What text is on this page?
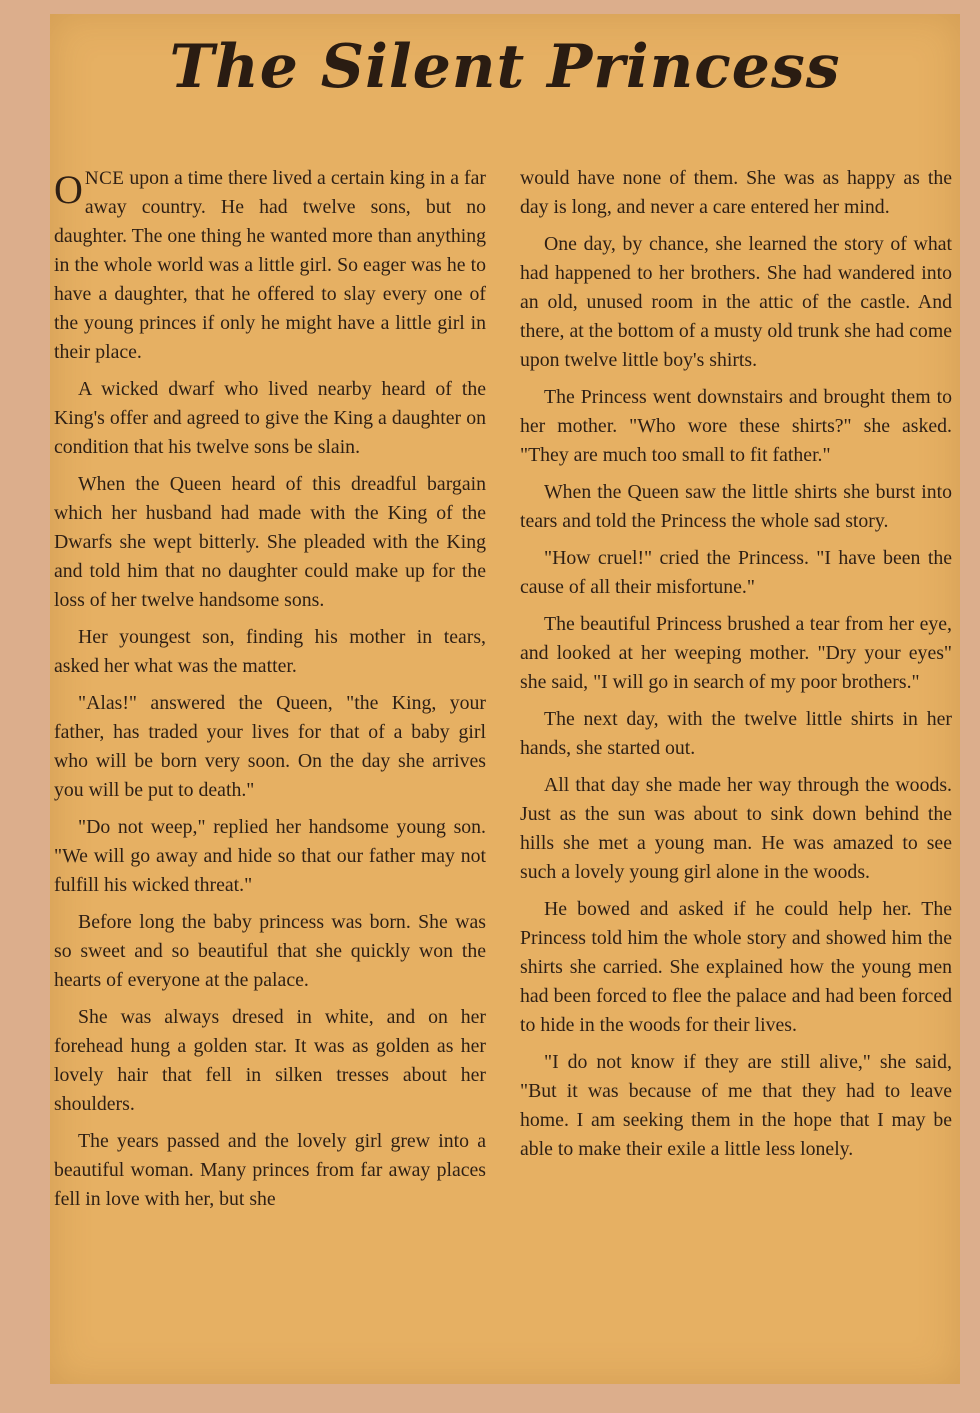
The Silent Princess

ONCE upon a time there lived a certain king in a far away country. He had twelve sons, but no daughter. The one thing he wanted more than anything in the whole world was a little girl. So eager was he to have a daughter, that he offered to slay every one of the young princes if only he might have a little girl in their place.

A wicked dwarf who lived nearby heard of the King's offer and agreed to give the King a daughter on condition that his twelve sons be slain.

When the Queen heard of this dreadful bargain which her husband had made with the King of the Dwarfs she wept bitterly. She pleaded with the King and told him that no daughter could make up for the loss of her twelve handsome sons.

Her youngest son, finding his mother in tears, asked her what was the matter.

"Alas!" answered the Queen, "the King, your father, has traded your lives for that of a baby girl who will be born very soon. On the day she arrives you will be put to death."

"Do not weep," replied her handsome young son. "We will go away and hide so that our father may not fulfill his wicked threat."

Before long the baby princess was born. She was so sweet and so beautiful that she quickly won the hearts of everyone at the palace.

She was always dresed in white, and on her forehead hung a golden star. It was as golden as her lovely hair that fell in silken tresses about her shoulders.

The years passed and the lovely girl grew into a beautiful woman. Many princes from far away places fell in love with her, but she

would have none of them. She was as happy as the day is long, and never a care entered her mind.

One day, by chance, she learned the story of what had happened to her brothers. She had wandered into an old, unused room in the attic of the castle. And there, at the bottom of a musty old trunk she had come upon twelve little boy's shirts.

The Princess went downstairs and brought them to her mother. "Who wore these shirts?" she asked. "They are much too small to fit father."

When the Queen saw the little shirts she burst into tears and told the Princess the whole sad story.

"How cruel!" cried the Princess. "I have been the cause of all their misfortune."

The beautiful Princess brushed a tear from her eye, and looked at her weeping mother. "Dry your eyes" she said, "I will go in search of my poor brothers."

The next day, with the twelve little shirts in her hands, she started out.

All that day she made her way through the woods. Just as the sun was about to sink down behind the hills she met a young man. He was amazed to see such a lovely young girl alone in the woods.

He bowed and asked if he could help her. The Princess told him the whole story and showed him the shirts she carried. She explained how the young men had been forced to flee the palace and had been forced to hide in the woods for their lives.

"I do not know if they are still alive," she said, "But it was because of me that they had to leave home. I am seeking them in the hope that I may be able to make their exile a little less lonely.
